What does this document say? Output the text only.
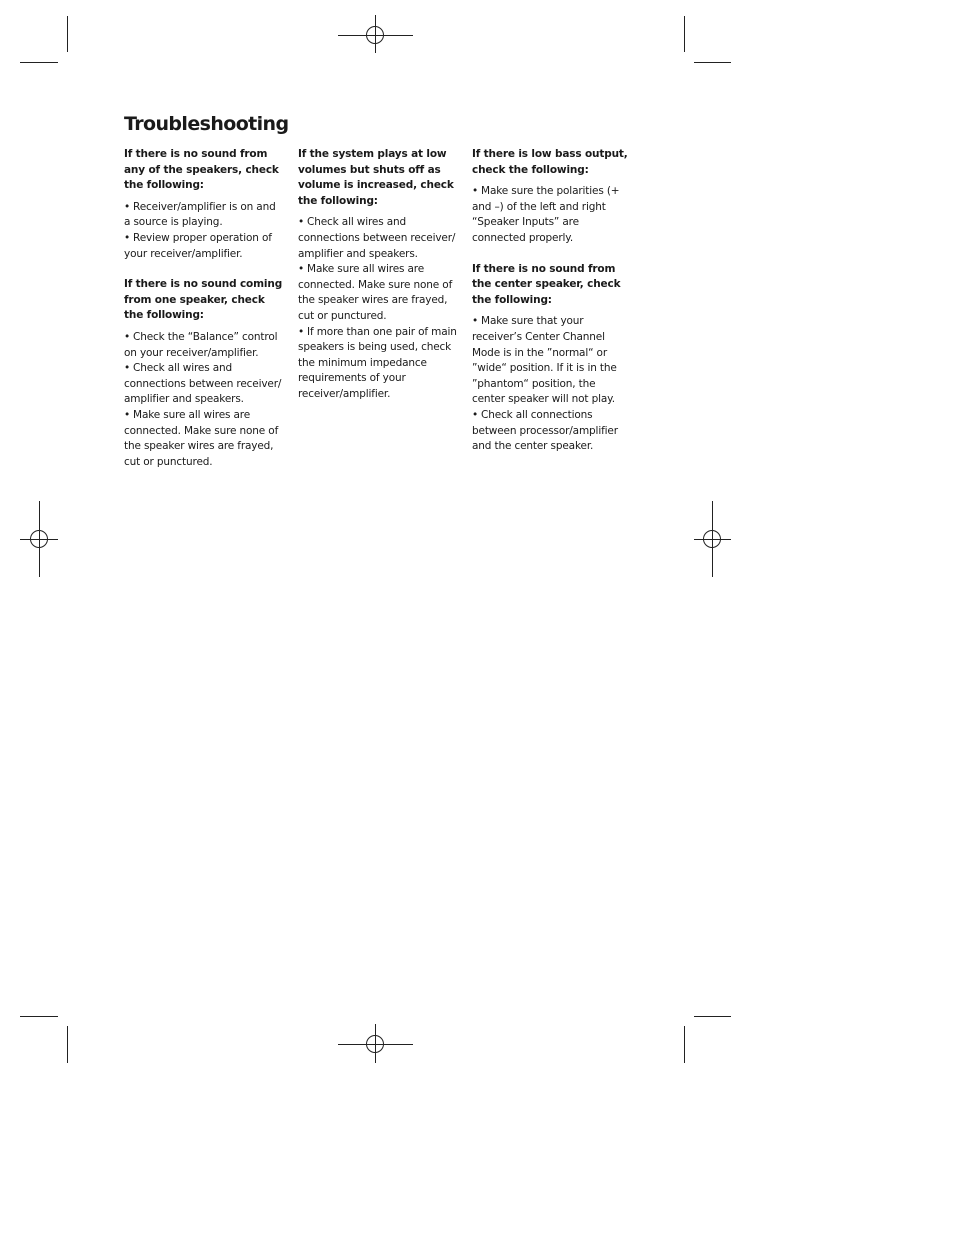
Troubleshooting

If there is no sound from any of the speakers, check the following:

• Receiver/amplifier is on and a source is playing.

• Review proper operation of your receiver/amplifier.

If there is no sound coming from one speaker, check the following:

• Check the “Balance” control on your receiver/amplifier.

• Check all wires and connections between receiver/ amplifier and speakers.

• Make sure all wires are connected. Make sure none of the speaker wires are frayed, cut or punctured.

If the system plays at low volumes but shuts off as volume is increased, check the following:

• Check all wires and connections between receiver/ amplifier and speakers.

• Make sure all wires are connected. Make sure none of the speaker wires are frayed, cut or punctured.

• If more than one pair of main speakers is being used, check the minimum impedance requirements of your receiver/amplifier.

If there is low bass output, check the following:

• Make sure the polarities (+ and –) of the left and right “Speaker Inputs” are connected properly.

If there is no sound from the center speaker, check the following:

• Make sure that your receiver’s Center Channel Mode is in the ”normal“ or ”wide“ position. If it is in the ”phantom“ position, the center speaker will not play.

• Check all connections between processor/amplifier and the center speaker.
